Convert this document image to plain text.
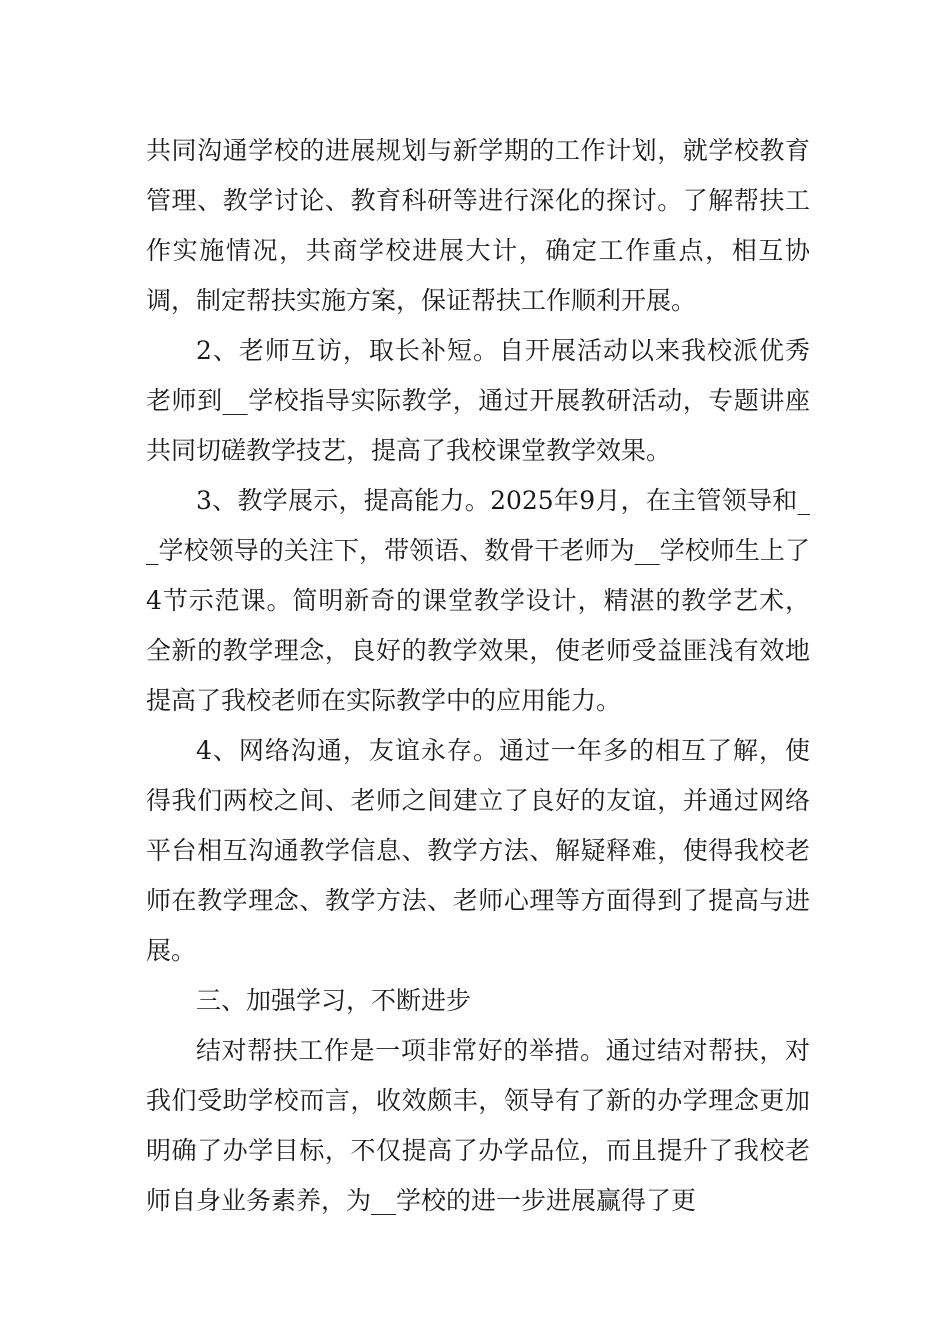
共同沟通学校的进展规划与新学期的工作计划，就学校教育管理、教学讨论、教育科研等进行深化的探讨。了解帮扶工作实施情况，共商学校进展大计，确定工作重点，相互协调，制定帮扶实施方案，保证帮扶工作顺利开展。

2、老师互访，取长补短。自开展活动以来我校派优秀老师到__学校指导实际教学，通过开展教研活动，专题讲座共同切磋教学技艺，提高了我校课堂教学效果。

3、教学展示，提高能力。2025年9月，在主管领导和__学校领导的关注下，带领语、数骨干老师为__学校师生上了4节示范课。简明新奇的课堂教学设计，精湛的教学艺术，全新的教学理念，良好的教学效果，使老师受益匪浅有效地提高了我校老师在实际教学中的应用能力。

4、网络沟通，友谊永存。通过一年多的相互了解，使得我们两校之间、老师之间建立了良好的友谊，并通过网络平台相互沟通教学信息、教学方法、解疑释难，使得我校老师在教学理念、教学方法、老师心理等方面得到了提高与进展。

三、加强学习，不断进步

结对帮扶工作是一项非常好的举措。通过结对帮扶，对我们受助学校而言，收效颇丰，领导有了新的办学理念更加明确了办学目标，不仅提高了办学品位，而且提升了我校老师自身业务素养，为__学校的进一步进展赢得了更
